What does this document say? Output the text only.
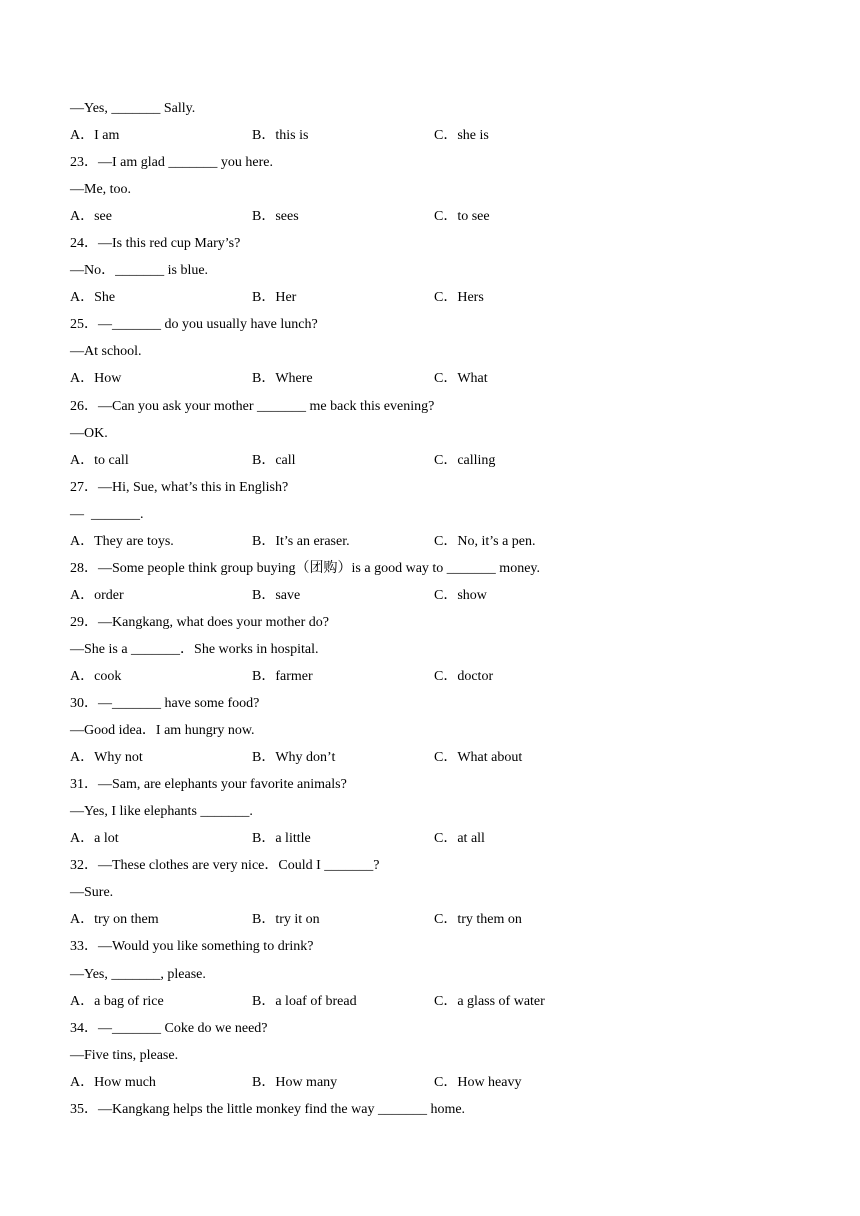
—Yes, _______ Sally.

A．I am

	B．this is

	C．she is

23．—I am glad _______ you here.
—Me, too.
A．see	B．sees	C．to see
24．—Is this red cup Mary’s?
—No．_______ is blue.
A．She	B．Her	C．Hers
25．—_______ do you usually have lunch?
—At school.
A．How	B．Where	C．What
26．—Can you ask your mother _______ me back this evening?
—OK.
A．to call	B．call	C．calling
27．—Hi, Sue, what’s this in English?
—  _______.
A．They are toys.	B．It’s an eraser.	C．No, it’s a pen.
28．—Some people think group buying（团购）is a good way to _______ money.
A．order	B．save	C．show
29．—Kangkang, what does your mother do?
—She is a _______．She works in hospital.
A．cook	B．farmer	C．doctor
30．—_______ have some food?
—Good idea．I am hungry now.
A．Why not	B．Why don’t	C．What about
31．—Sam, are elephants your favorite animals?
—Yes, I like elephants _______.
A．a lot	B．a little	C．at all
32．—These clothes are very nice．Could I _______?
—Sure.
A．try on them	B．try it on	C．try them on
33．—Would you like something to drink?
—Yes, _______, please.
A．a bag of rice	B．a loaf of bread	C．a glass of water
34．—_______ Coke do we need?
—Five tins, please.
A．How much	B．How many	C．How heavy
35．—Kangkang helps the little monkey find the way _______ home.
